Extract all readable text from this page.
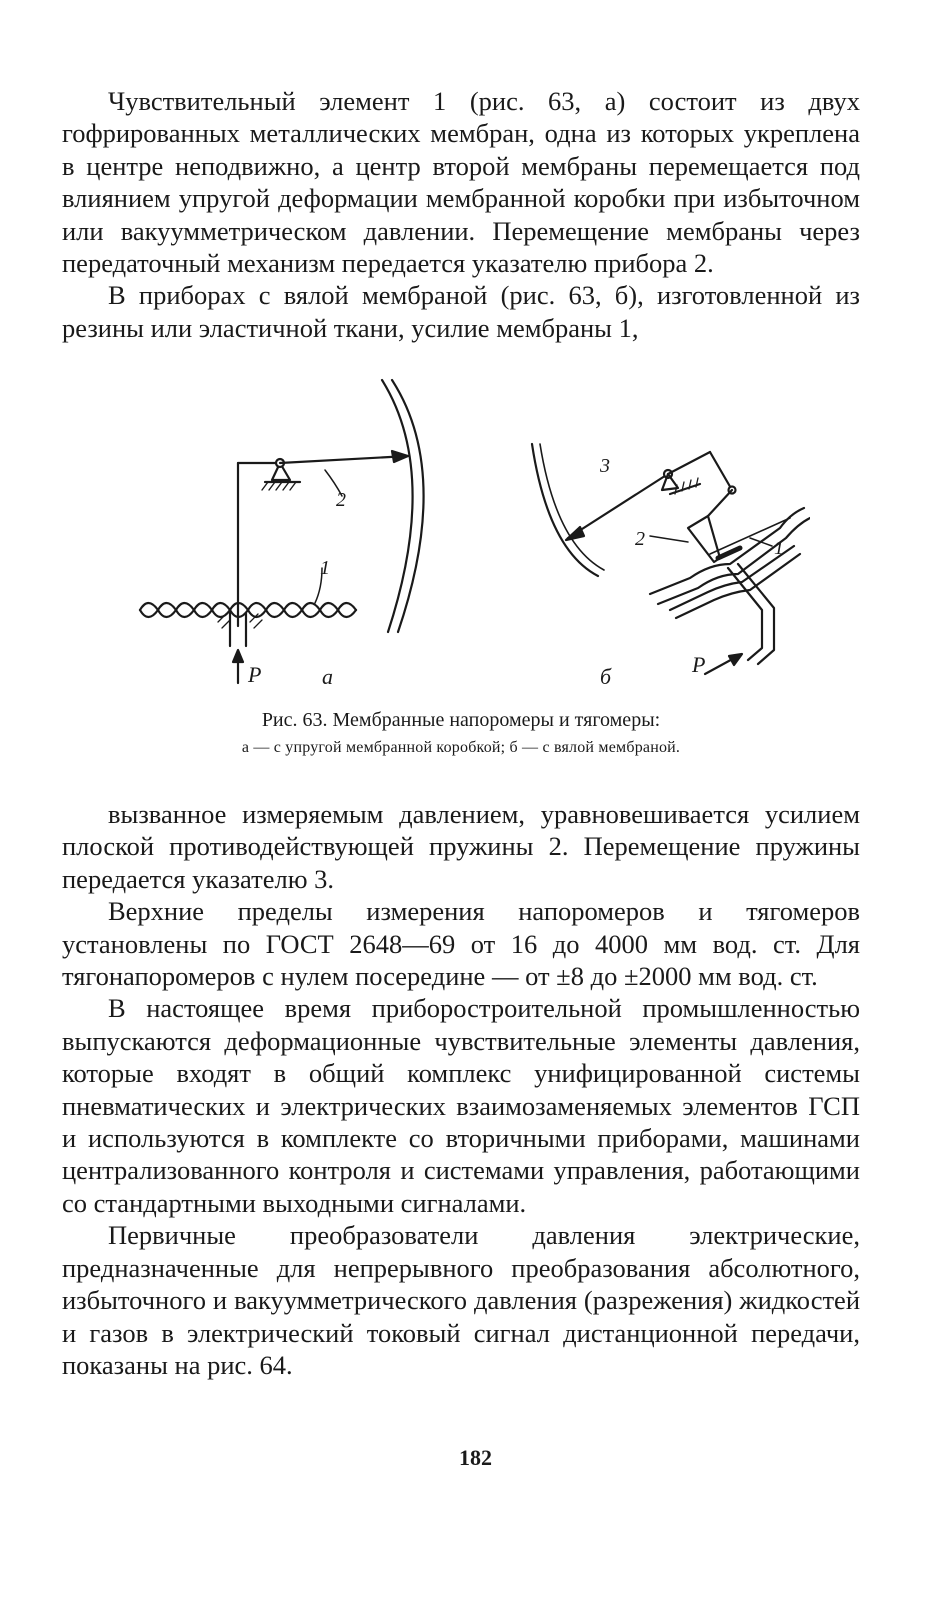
Чувствительный элемент 1 (рис. 63, а) состоит из двух гофрированных металлических мембран, одна из которых укреплена в центре неподвижно, а центр второй мембраны перемещается под влиянием упругой деформации мембранной коробки при избыточном или вакуумметрическом давлении. Перемещение мембраны через передаточный механизм передается указателю прибора 2.

В приборах с вялой мембраной (рис. 63, б), изготовленной из резины или эластичной ткани, усилие мембраны 1,

2
1
P	а
3
2	1
б	P
Рис. 63. Мембранные напоромеры и тягомеры:
а — с упругой мембранной коробкой; б — с вялой мембраной.

вызванное измеряемым давлением, уравновешивается усилием плоской противодействующей пружины 2. Перемещение пружины передается указателю 3.

Верхние пределы измерения напоромеров и тягомеров установлены по ГОСТ 2648—69 от 16 до 4000 мм вод. ст. Для тягонапоромеров с нулем посередине — от ±8 до ±2000 мм вод. ст.

В настоящее время приборостроительной промышленностью выпускаются деформационные чувствительные элементы давления, которые входят в общий комплекс унифицированной системы пневматических и электрических взаимозаменяемых элементов ГСП и используются в комплекте со вторичными приборами, машинами централизованного контроля и системами управления, работающими со стандартными выходными сигналами.

Первичные преобразователи давления электрические, предназначенные для непрерывного преобразования абсолютного, избыточного и вакуумметрического давления (разрежения) жидкостей и газов в электрический токовый сигнал дистанционной передачи, показаны на рис. 64.

182
